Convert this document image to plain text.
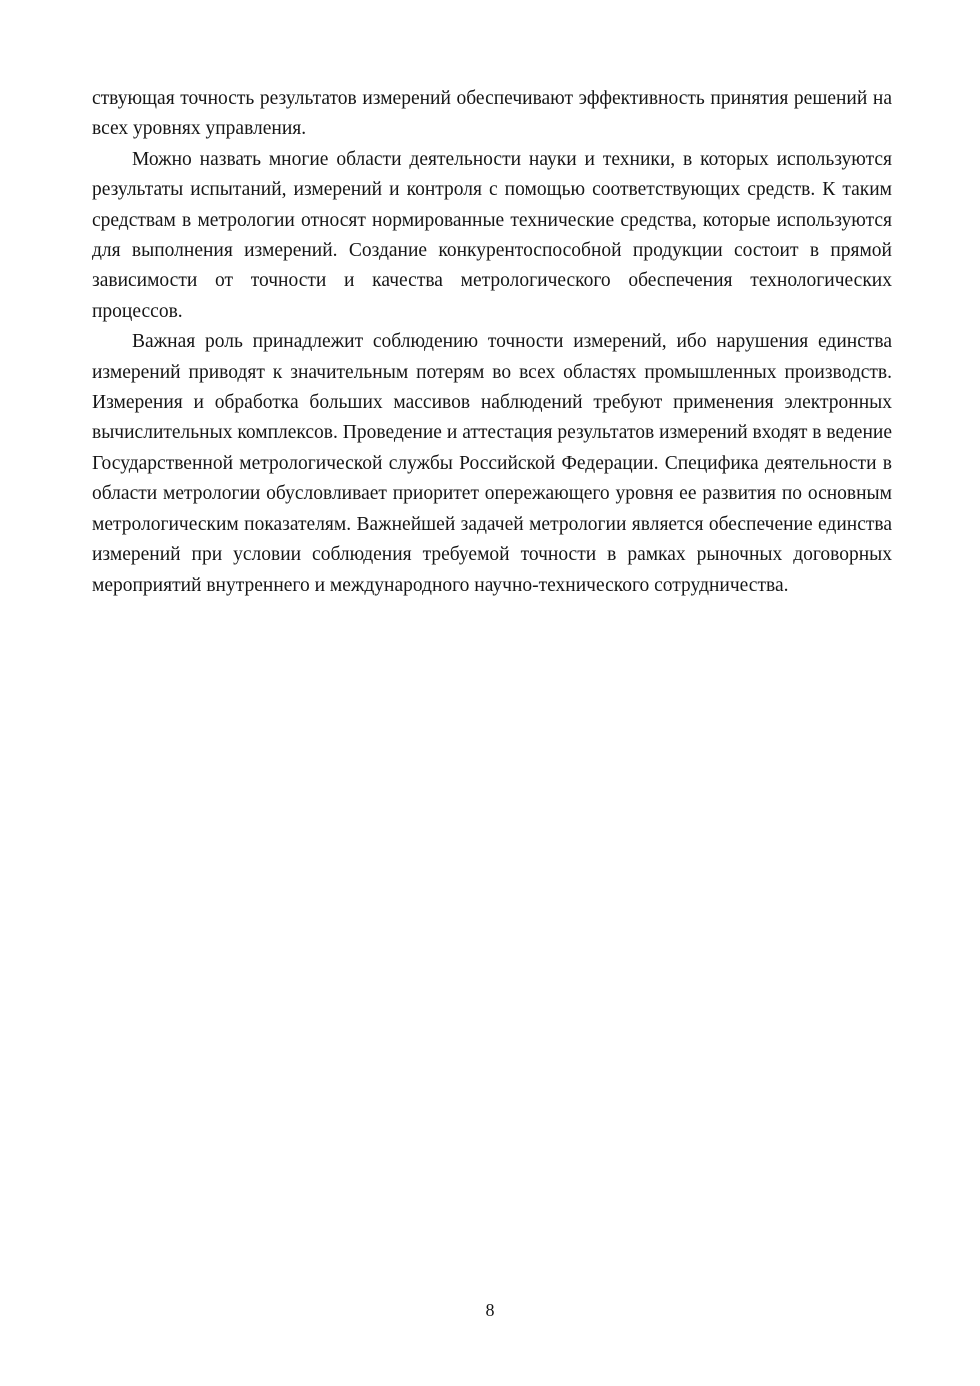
ствующая точность результатов измерений обеспечивают эффективность принятия решений на всех уровнях управления.

Можно назвать многие области деятельности науки и техники, в которых используются результаты испытаний, измерений и контроля с помощью соответствующих средств. К таким средствам в метрологии относят нормированные технические средства, которые используются для выполнения измерений. Создание конкурентоспособной продукции состоит в прямой зависимости от точности и качества метрологического обеспечения технологических процессов.

Важная роль принадлежит соблюдению точности измерений, ибо нарушения единства измерений приводят к значительным потерям во всех областях промышленных производств. Измерения и обработка больших массивов наблюдений требуют применения электронных вычислительных комплексов. Проведение и аттестация результатов измерений входят в ведение Государственной метрологической службы Российской Федерации. Специфика деятельности в области метрологии обусловливает приоритет опережающего уровня ее развития по основным метрологическим показателям. Важнейшей задачей метрологии является обеспечение единства измерений при условии соблюдения требуемой точности в рамках рыночных договорных мероприятий внутреннего и международного научно-технического сотрудничества.

8
